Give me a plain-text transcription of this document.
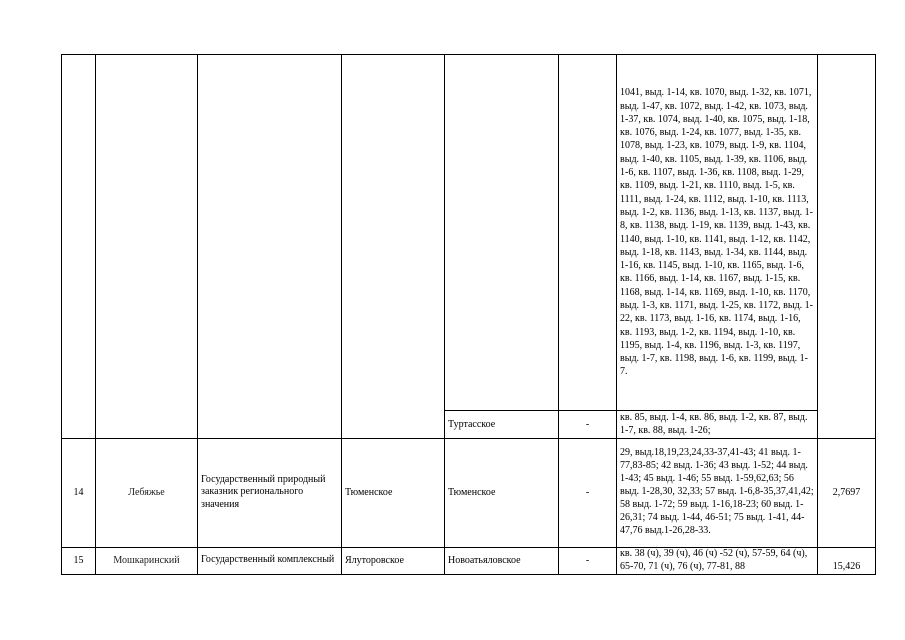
						1041, выд. 1-14, кв. 1070, выд. 1-32, кв. 1071, выд. 1-47, кв. 1072, выд. 1-42, кв. 1073, выд. 1-37, кв. 1074, выд. 1-40, кв. 1075, выд. 1-18, кв. 1076, выд. 1-24, кв. 1077, выд. 1-35, кв. 1078, выд. 1-23, кв. 1079, выд. 1-9, кв. 1104, выд. 1-40, кв. 1105, выд. 1-39, кв. 1106, выд. 1-6, кв. 1107, выд. 1-36, кв. 1108, выд. 1-29, кв. 1109, выд. 1-21, кв. 1110, выд. 1-5, кв. 1111, выд. 1-24, кв. 1112, выд. 1-10, кв. 1113, выд. 1-2, кв. 1136, выд. 1-13, кв. 1137, выд. 1-8, кв. 1138, выд. 1-19, кв. 1139, выд. 1-43, кв. 1140, выд. 1-10, кв. 1141, выд. 1-12, кв. 1142, выд. 1-18, кв. 1143, выд. 1-34, кв. 1144, выд. 1-16, кв. 1145, выд. 1-10, кв. 1165, выд. 1-6, кв. 1166, выд. 1-14, кв. 1167, выд. 1-15, кв. 1168, выд. 1-14, кв. 1169, выд. 1-10, кв. 1170, выд. 1-3, кв. 1171, выд. 1-25, кв. 1172, выд. 1-22, кв. 1173, выд. 1-16, кв. 1174, выд. 1-16, кв. 1193, выд. 1-2, кв. 1194, выд. 1-10, кв. 1195, выд. 1-4, кв. 1196, выд. 1-3, кв. 1197, выд. 1-7, кв. 1198, выд. 1-6, кв. 1199, выд. 1-7.	

				Туртасское	-	кв. 85, выд. 1-4, кв. 86, выд. 1-2, кв. 87, выд. 1-7, кв. 88, выд. 1-26;	

14	Лебяжье	Государственный природный заказник регионального значения	Тюменское	Тюменское	-	29, выд.18,19,23,24,33-37,41-43; 41 выд. 1-77,83-85; 42 выд. 1-36; 43 выд. 1-52; 44 выд. 1-43; 45 выд. 1-46; 55 выд. 1-59,62,63; 56 выд. 1-28,30, 32,33; 57 выд. 1-6,8-35,37,41,42; 58 выд. 1-72; 59 выд. 1-16,18-23; 60 выд. 1-26,31; 74 выд. 1-44, 46-51; 75 выд. 1-41, 44-47,76 выд.1-26,28-33.	2,7697
15	Мошкаринский	Государственный комплексный	Ялуторовское	Новоатьяловское	-	кв. 38 (ч), 39 (ч), 46 (ч) -52 (ч), 57-59, 64 (ч), 65-70, 71 (ч), 76 (ч), 77-81, 88	15,426
